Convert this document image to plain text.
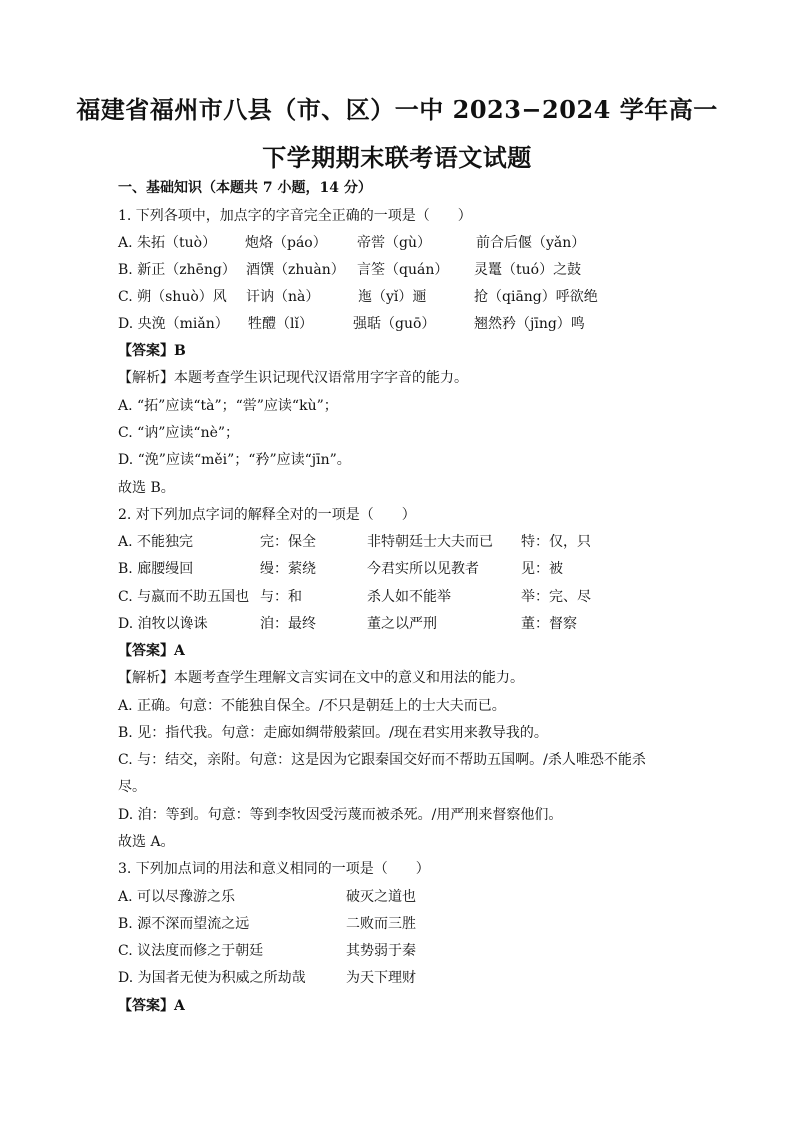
福建省福州市八县（市、区）一中 2023−2024 学年高一
下学期期末联考语文试题
一、基础知识（本题共 7 小题，14 分）
1. 下列各项中，加点字的字音完全正确的一项是（　　）
A. 朱拓（tuò） 炮烙（páo） 帝喾（gù）	前合后偃（yǎn）
B. 新正（zhēng） 酒馔（zhuàn） 言筌（quán） 灵鼍（tuó）之鼓
C. 朔（shuò）风 讦讷（nà）	迤（yǐ）逦	抢（qiāng）呼欲绝
D. 央浼（miǎn） 牲醴（lǐ）	强聒（guō）	翘然矜（jīng）鸣
【答案】B
【解析】本题考查学生识记现代汉语常用字字音的能力。
A. “拓”应读“tà”；“喾”应读“kù”；
C. “讷”应读“nè”；
D. “浼”应读“měi”；“矜”应读“jīn”。
故选 B。
2. 对下列加点字词的解释全对的一项是（　　）
A. 不能独完	完：保全	非特朝廷士大夫而已 特：仅，只
B. 廊腰缦回	缦：萦绕	今君实所以见教者	见：被
C. 与嬴而不助五国也 与：和	杀人如不能举	举：完、尽
D. 洎牧以谗诛	洎：最终	董之以严刑	董：督察
【答案】A
【解析】本题考查学生理解文言实词在文中的意义和用法的能力。
A. 正确。句意：不能独自保全。/不只是朝廷上的士大夫而已。
B. 见：指代我。句意：走廊如绸带般萦回。/现在君实用来教导我的。
C. 与：结交，亲附。句意：这是因为它跟秦国交好而不帮助五国啊。/杀人唯恐不能杀
尽。
D. 洎：等到。句意：等到李牧因受污蔑而被杀死。/用严刑来督察他们。
故选 A。
3. 下列加点词的用法和意义相同的一项是（　　）
A. 可以尽豫游之乐	破灭之道也
B. 源不深而望流之远	二败而三胜
C. 议法度而修之于朝廷	其势弱于秦
D. 为国者无使为积威之所劫哉	为天下理财
【答案】A
